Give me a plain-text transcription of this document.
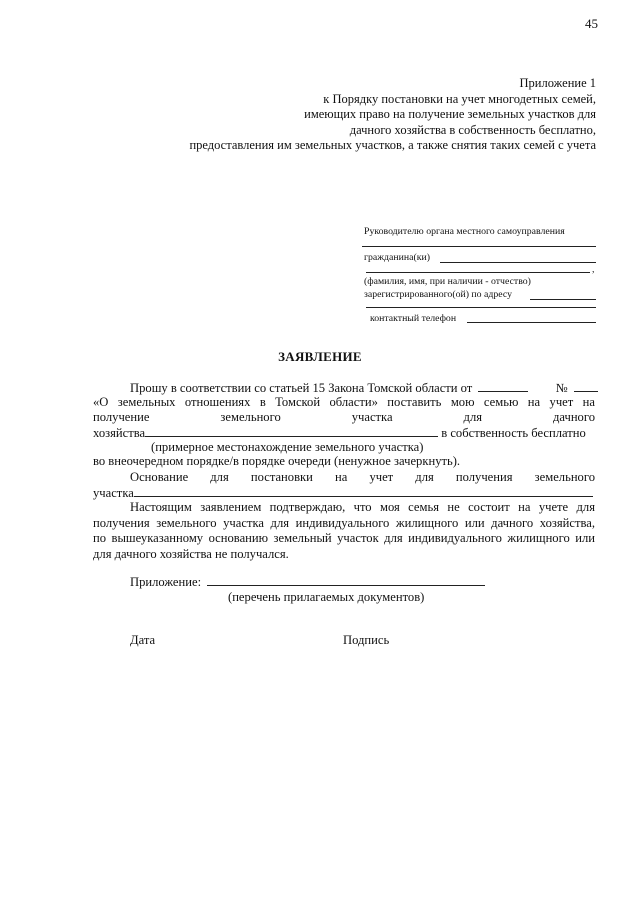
45
Приложение 1
к Порядку постановки на учет многодетных семей,
имеющих право на получение земельных участков для
дачного хозяйства в собственность бесплатно,
предоставления им земельных участков, а также снятия таких семей с учета
Руководителю органа местного самоуправления
гражданина(ки)
,
(фамилия, имя, при наличии - отчество)
зарегистрированного(ой) по адресу
контактный телефон
ЗАЯВЛЕНИЕ
Прошу в соответствии со статьей 15 Закона Томской области от	№
«О земельных отношениях в Томской области» поставить мою семью на учет на
получение земельного участка для дачного
хозяйства	в собственность бесплатно
(примерное местонахождение земельного участка)
во внеочередном порядке/в порядке очереди (ненужное зачеркнуть).
Основание для постановки на учет для получения земельного
участка
Настоящим заявлением подтверждаю, что моя семья не состоит на учете для
получения земельного участка для индивидуального жилищного или дачного хозяйства,
по вышеуказанному основанию земельный участок для индивидуального жилищного или
для дачного хозяйства не получался.
Приложение:
(перечень прилагаемых документов)
Дата	Подпись
